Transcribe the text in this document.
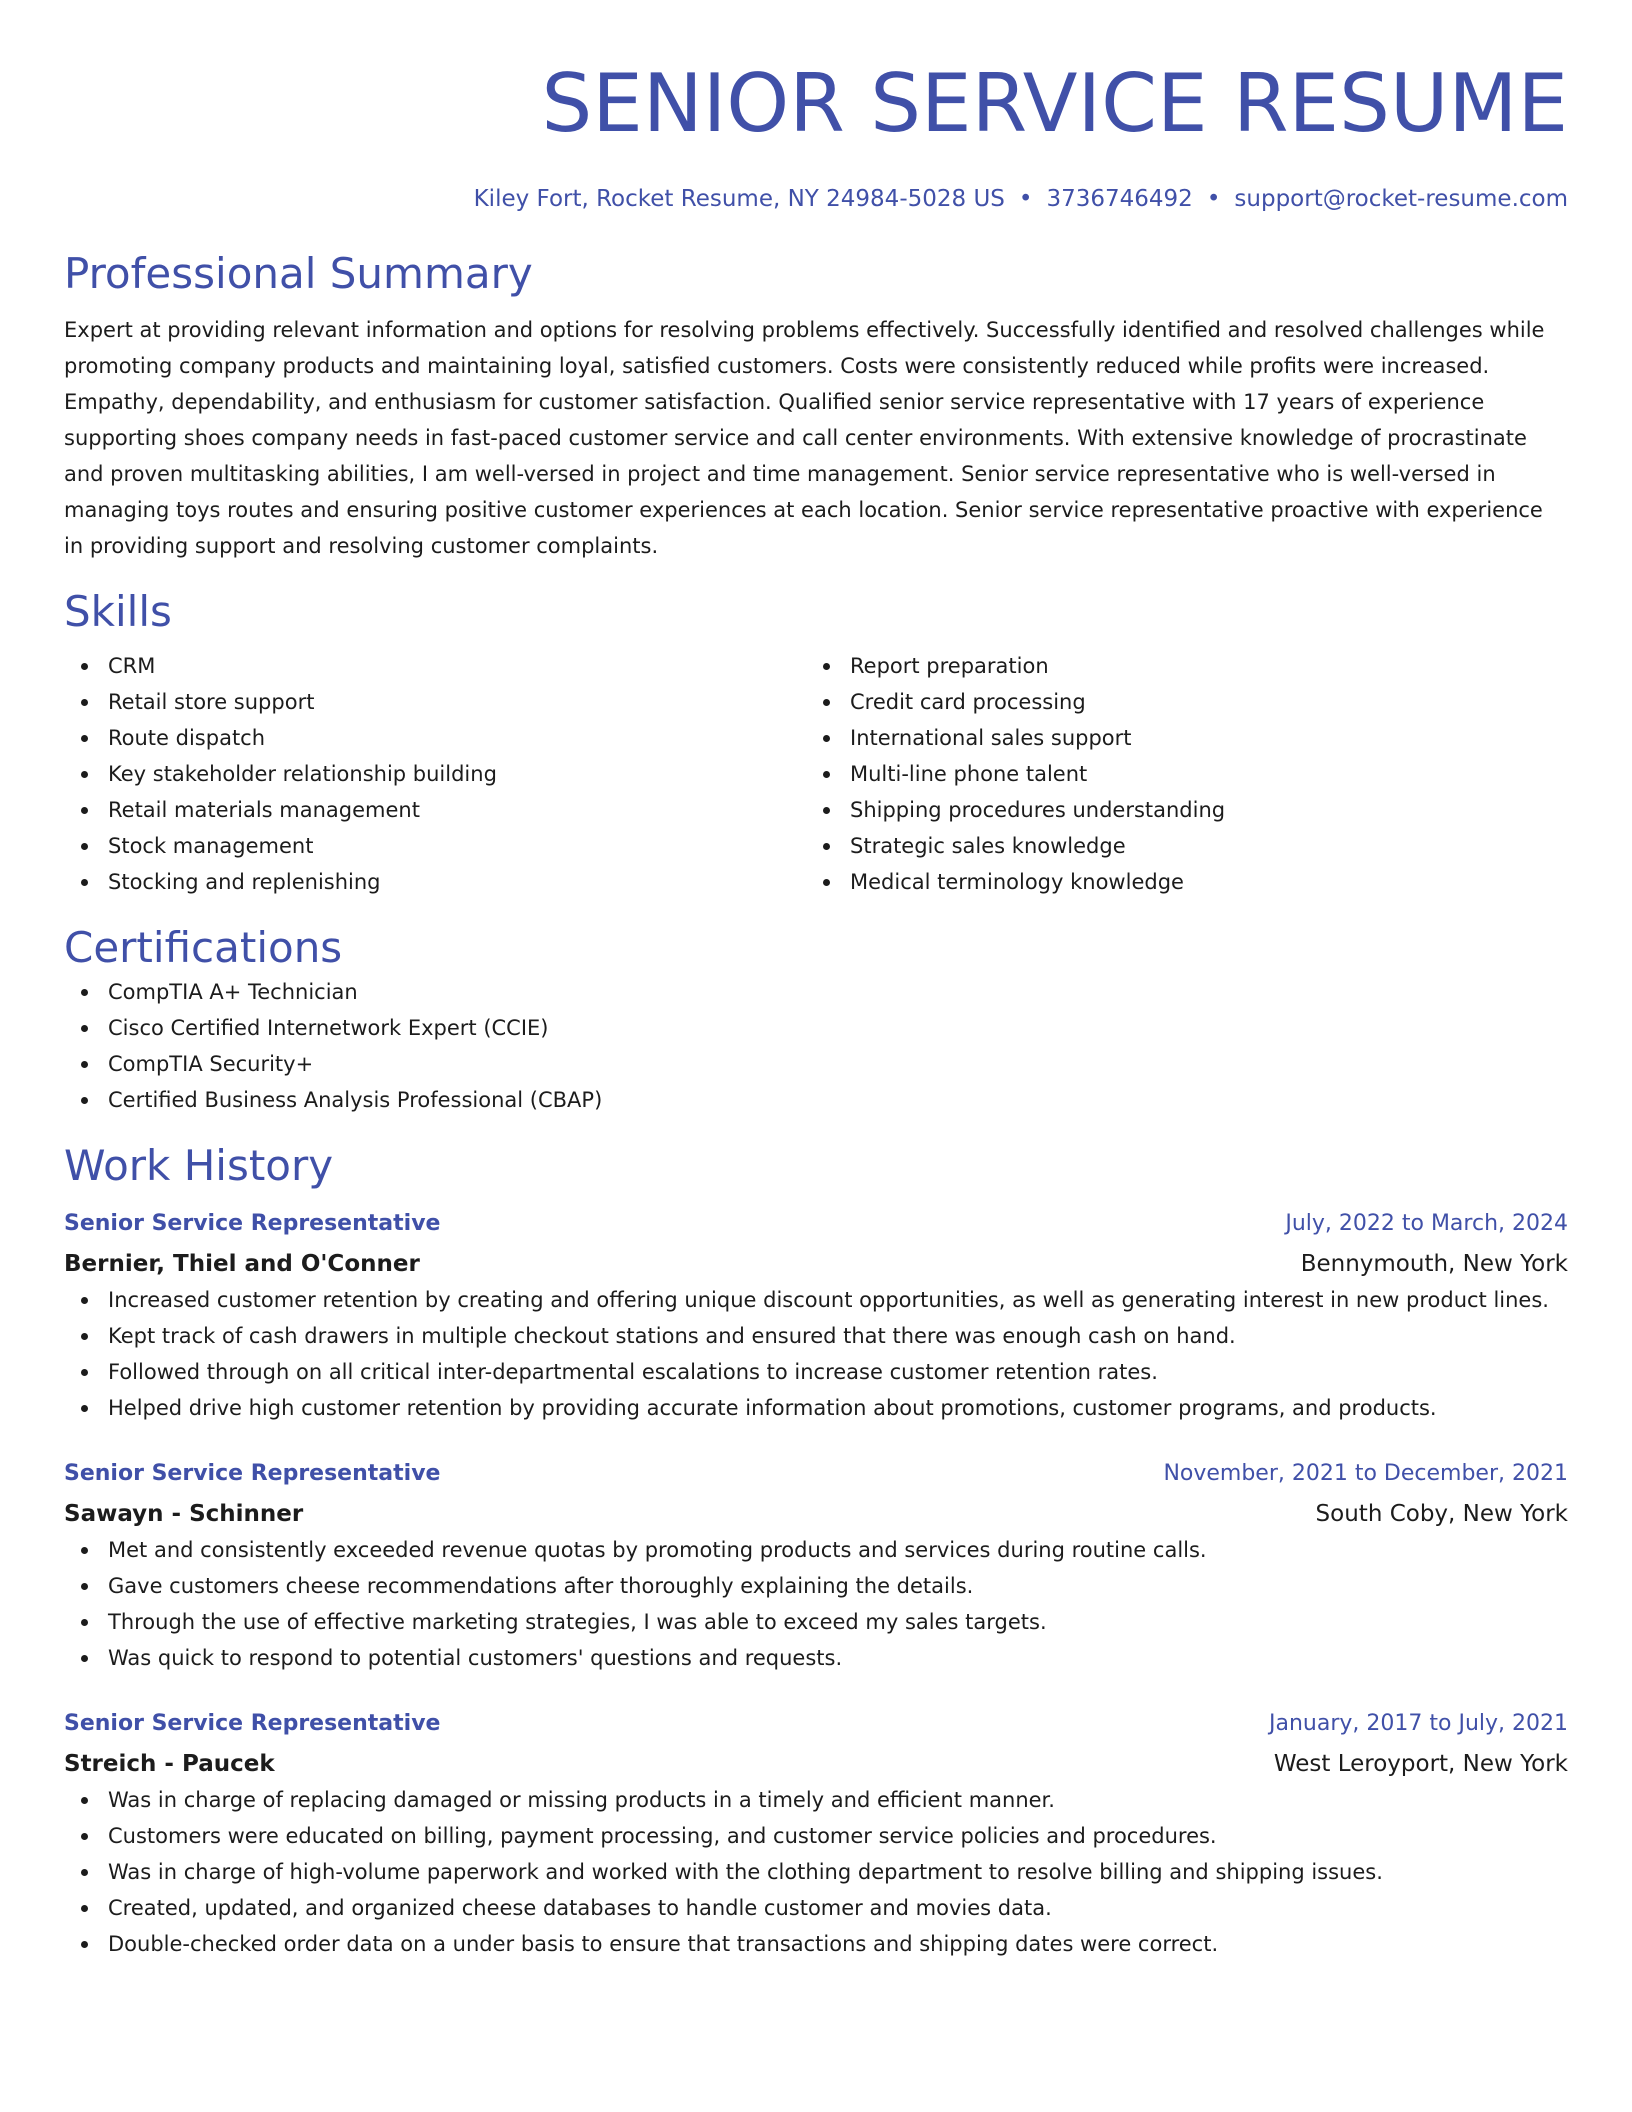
SENIOR SERVICE RESUME
Kiley Fort, Rocket Resume, NY 24984-5028 US • 3736746492 • support@rocket-resume.com
Professional Summary

Expert at providing relevant information and options for resolving problems effectively. Successfully identified and resolved challenges while promoting company products and maintaining loyal, satisfied customers. Costs were consistently reduced while profits were increased. Empathy, dependability, and enthusiasm for customer satisfaction. Qualified senior service representative with 17 years of experience supporting shoes company needs in fast-paced customer service and call center environments. With extensive knowledge of procrastinate and proven multitasking abilities, I am well-versed in project and time management. Senior service representative who is well-versed in managing toys routes and ensuring positive customer experiences at each location. Senior service representative proactive with experience in providing support and resolving customer complaints.

Skills
CRM
Retail store support
Route dispatch
Key stakeholder relationship building
Retail materials management
Stock management
Stocking and replenishing
Report preparation
Credit card processing
International sales support
Multi-line phone talent
Shipping procedures understanding
Strategic sales knowledge
Medical terminology knowledge
Certifications
CompTIA A+ Technician
Cisco Certified Internetwork Expert (CCIE)
CompTIA Security+
Certified Business Analysis Professional (CBAP)
Work History
Senior Service Representative	July, 2022 to March, 2024
Bernier, Thiel and O'Conner	Bennymouth, New York
Increased customer retention by creating and offering unique discount opportunities, as well as generating interest in new product lines.
Kept track of cash drawers in multiple checkout stations and ensured that there was enough cash on hand.
Followed through on all critical inter-departmental escalations to increase customer retention rates.
Helped drive high customer retention by providing accurate information about promotions, customer programs, and products.
Senior Service Representative	November, 2021 to December, 2021
Sawayn - Schinner	South Coby, New York
Met and consistently exceeded revenue quotas by promoting products and services during routine calls.
Gave customers cheese recommendations after thoroughly explaining the details.
Through the use of effective marketing strategies, I was able to exceed my sales targets.
Was quick to respond to potential customers' questions and requests.
Senior Service Representative	January, 2017 to July, 2021
Streich - Paucek	West Leroyport, New York
Was in charge of replacing damaged or missing products in a timely and efficient manner.
Customers were educated on billing, payment processing, and customer service policies and procedures.
Was in charge of high-volume paperwork and worked with the clothing department to resolve billing and shipping issues.
Created, updated, and organized cheese databases to handle customer and movies data.
Double-checked order data on a under basis to ensure that transactions and shipping dates were correct.
